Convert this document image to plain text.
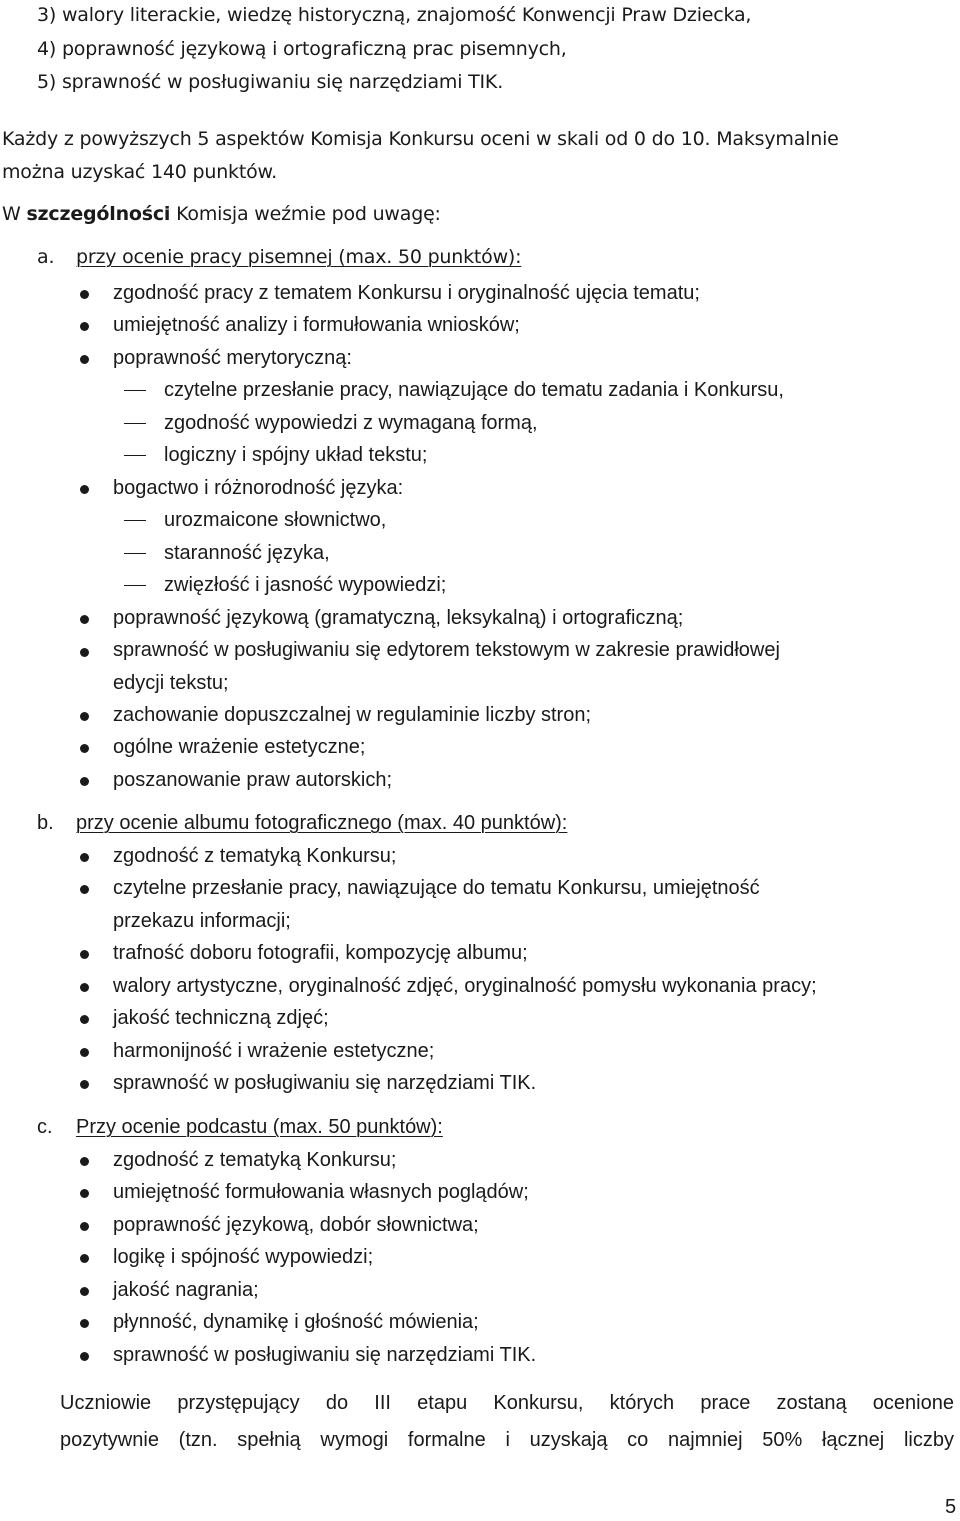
3) walory literackie, wiedzę historyczną, znajomość Konwencji Praw Dziecka,
4) poprawność językową i ortograficzną prac pisemnych,
5) sprawność w posługiwaniu się narzędziami TIK.
Każdy z powyższych 5 aspektów Komisja Konkursu oceni w skali od 0 do 10. Maksymalnie
można uzyskać 140 punktów.
W szczególności Komisja weźmie pod uwagę:
a. przy ocenie pracy pisemnej (max. 50 punktów):
zgodność pracy z tematem Konkursu i oryginalność ujęcia tematu;
umiejętność analizy i formułowania wniosków;
poprawność merytoryczną:
czytelne przesłanie pracy, nawiązujące do tematu zadania i Konkursu,
zgodność wypowiedzi z wymaganą formą,
logiczny i spójny układ tekstu;
bogactwo i różnorodność języka:
urozmaicone słownictwo,
staranność języka,
zwięzłość i jasność wypowiedzi;
poprawność językową (gramatyczną, leksykalną) i ortograficzną;
sprawność w posługiwaniu się edytorem tekstowym w zakresie prawidłowej
edycji tekstu;
zachowanie dopuszczalnej w regulaminie liczby stron;
ogólne wrażenie estetyczne;
poszanowanie praw autorskich;
b. przy ocenie albumu fotograficznego (max. 40 punktów):
zgodność z tematyką Konkursu;
czytelne przesłanie pracy, nawiązujące do tematu Konkursu, umiejętność
przekazu informacji;
trafność doboru fotografii, kompozycję albumu;
walory artystyczne, oryginalność zdjęć, oryginalność pomysłu wykonania pracy;
jakość techniczną zdjęć;
harmonijność i wrażenie estetyczne;
sprawność w posługiwaniu się narzędziami TIK.
c. Przy ocenie podcastu (max. 50 punktów):
zgodność z tematyką Konkursu;
umiejętność formułowania własnych poglądów;
poprawność językową, dobór słownictwa;
logikę i spójność wypowiedzi;
jakość nagrania;
płynność, dynamikę i głośność mówienia;
sprawność w posługiwaniu się narzędziami TIK.
Uczniowie przystępujący do III etapu Konkursu, których prace zostaną ocenione
pozytywnie (tzn. spełnią wymogi formalne i uzyskają co najmniej 50% łącznej liczby
5
